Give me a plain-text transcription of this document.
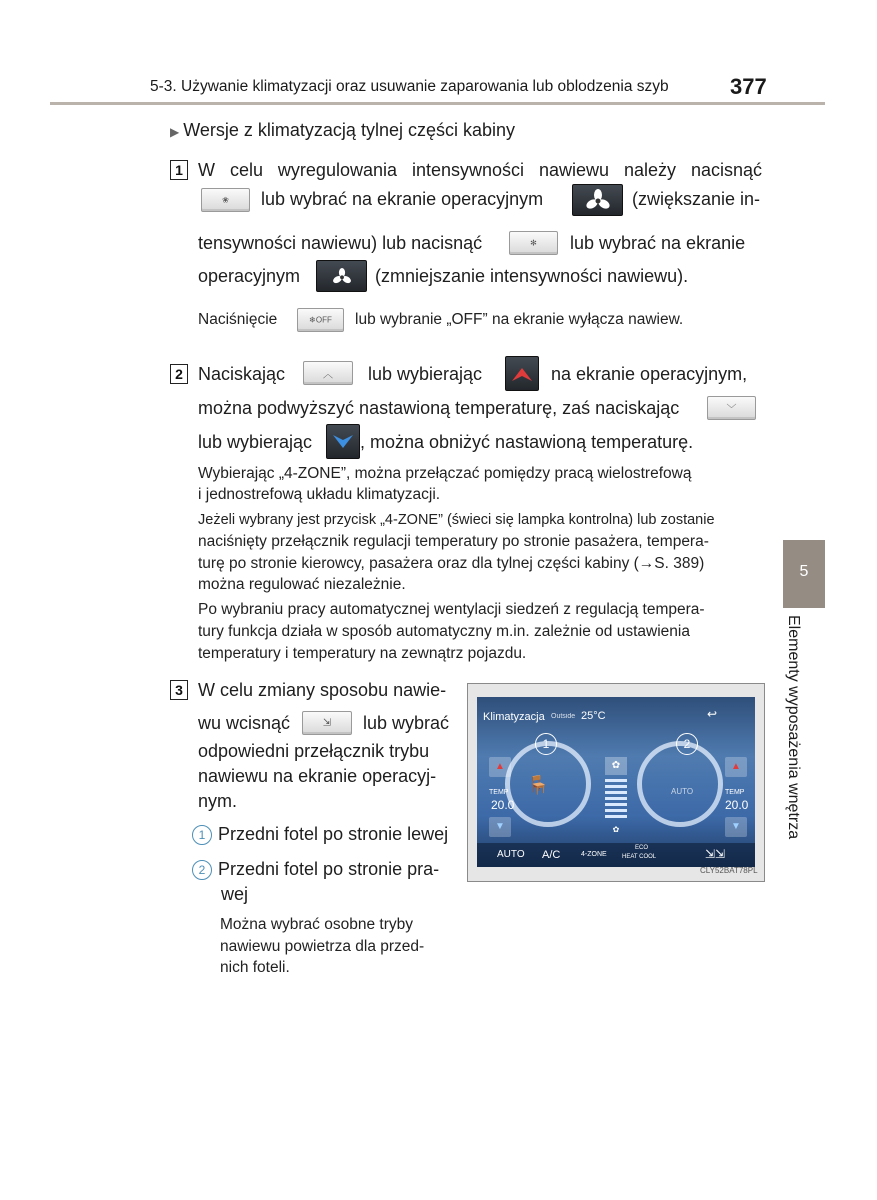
5-3. Używanie klimatyzacji oraz usuwanie zaparowania lub oblodzenia szyb	377
▶ Wersje z klimatyzacją tylnej części kabiny
1 W celu wyregulowania intensywności nawiewu należy nacisnąć
❀	lub wybrać na ekranie operacyjnym	(zwiększanie in-
tensywności nawiewu) lub nacisnąć	✻	lub wybrać na ekranie
operacyjnym	(zmniejszanie intensywności nawiewu).
Naciśnięcie	❄OFF	lub wybranie „OFF” na ekranie wyłącza nawiew.
2 Naciskając	︿	lub wybierając	na ekranie operacyjnym,
można podwyższyć nastawioną temperaturę, zaś naciskając	﹀
lub wybierając	, można obniżyć nastawioną temperaturę.
Wybierając „4-ZONE”, można przełączać pomiędzy pracą wielostrefową
i jednostrefową układu klimatyzacji.
Jeżeli wybrany jest przycisk „4-ZONE” (świeci się lampka kontrolna) lub zostanie
naciśnięty przełącznik regulacji temperatury po stronie pasażera, tempera-
turę po stronie kierowcy, pasażera oraz dla tylnej części kabiny (→S. 389)
można regulować niezależnie.
Po wybraniu pracy automatycznej wentylacji siedzeń z regulacją tempera-
tury funkcja działa w sposób automatyczny m.in. zależnie od ustawienia
temperatury i temperatury na zewnątrz pojazdu.
3 W celu zmiany sposobu nawie-
wu wcisnąć	⇲	lub wybrać
odpowiedni przełącznik trybu
nawiewu na ekranie operacyj-
nym.
1 Przedni fotel po stronie lewej
2 Przedni fotel po stronie pra-
wej
Można wybrać osobne tryby
nawiewu powietrza dla przed-
nich foteli.
Klimatyzacja Outside 25°C	↩
1
🪑
2
AUTO
▲
TEMP
20.0
▼
▲
TEMP
20.0
▼
✿
✿
AUTO A/C	4-ZONE
ECO
HEAT COOL	⇲⇲
CLY52BAT78PL
5
Elementy wyposażenia wnętrza
